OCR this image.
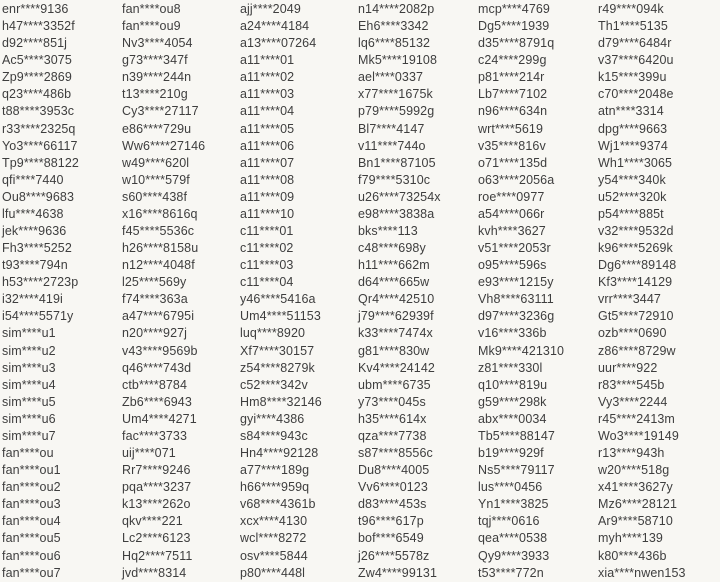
enr****9136
h47****3352f
d92****851j
Ac5****3075
Zp9****2869
q23****486b
t88****3953c
r33****2325q
Yo3****66117
Tp9****88122
qfi****7440
Ou8****9683
lfu****4638
jek****9636
Fh3****5252
t93****794n
h53****2723p
i32****419i
i54****5571y
sim****u1
sim****u2
sim****u3
sim****u4
sim****u5
sim****u6
sim****u7
fan****ou
fan****ou1
fan****ou2
fan****ou3
fan****ou4
fan****ou5
fan****ou6
fan****ou7
fan****ou8
fan****ou9
Nv3****4054
g73****347f
n39****244n
t13****210g
Cy3****27117
e86****729u
Ww6****27146
w49****620l
w10****579f
s60****438f
x16****8616q
f45****5536c
h26****8158u
n12****4048f
l25****569y
f74****363a
a47****6795i
n20****927j
v43****9569b
q46****743d
ctb****8784
Zb6****6943
Um4****4271
fac****3733
uij****071
Rr7****9246
pqa****3237
k13****262o
qkv****221
Lc2****6123
Hq2****7511
jvd****8314
ajj****2049
a24****4184
a13****07264
a11****01
a11****02
a11****03
a11****04
a11****05
a11****06
a11****07
a11****08
a11****09
a11****10
c11****01
c11****02
c11****03
c11****04
y46****5416a
Um4****51153
luq****8920
Xf7****30157
z54****8279k
c52****342v
Hm8****32146
gyi****4386
s84****943c
Hn4****92128
a77****189g
h66****959q
v68****4361b
xcx****4130
wcl****8272
osv****5844
p80****448l
n14****2082p
Eh6****3342
lq6****85132
Mk5****19108
ael****0337
x77****1675k
p79****5992g
Bl7****4147
v11****744o
Bn1****87105
f79****5310c
u26****73254x
e98****3838a
bks****113
c48****698y
h11****662m
d64****665w
Qr4****42510
j79****62939f
k33****7474x
g81****830w
Kv4****24142
ubm****6735
y73****045s
h35****614x
qza****7738
s87****8556c
Du8****4005
Vv6****0123
d83****453s
t96****617p
bof****6549
j26****5578z
Zw4****99131
mcp****4769
Dg5****1939
d35****8791q
c24****299g
p81****214r
Lb7****7102
n96****634n
wrt****5619
v35****816v
o71****135d
o63****2056a
roe****0977
a54****066r
kvh****3627
v51****2053r
o95****596s
e93****1215y
Vh8****63111
d97****3236g
v16****336b
Mk9****421310
z81****330l
q10****819u
g59****298k
abx****0034
Tb5****88147
b19****929f
Ns5****79117
lus****0456
Yn1****3825
tqj****0616
qea****0538
Qy9****3933
t53****772n
r49****094k
Th1****5135
d79****6484r
v37****6420u
k15****399u
c70****2048e
atn****3314
dpg****9663
Wj1****9374
Wh1****3065
y54****340k
u52****320k
p54****885t
v32****9532d
k96****5269k
Dg6****89148
Kf3****14129
vrr****3447
Gt5****72910
ozb****0690
z86****8729w
uur****922
r83****545b
Vy3****2244
r45****2413m
Wo3****19149
r13****943h
w20****518g
x41****3627y
Mz6****28121
Ar9****58710
myh****139
k80****436b
xia****nwen153
